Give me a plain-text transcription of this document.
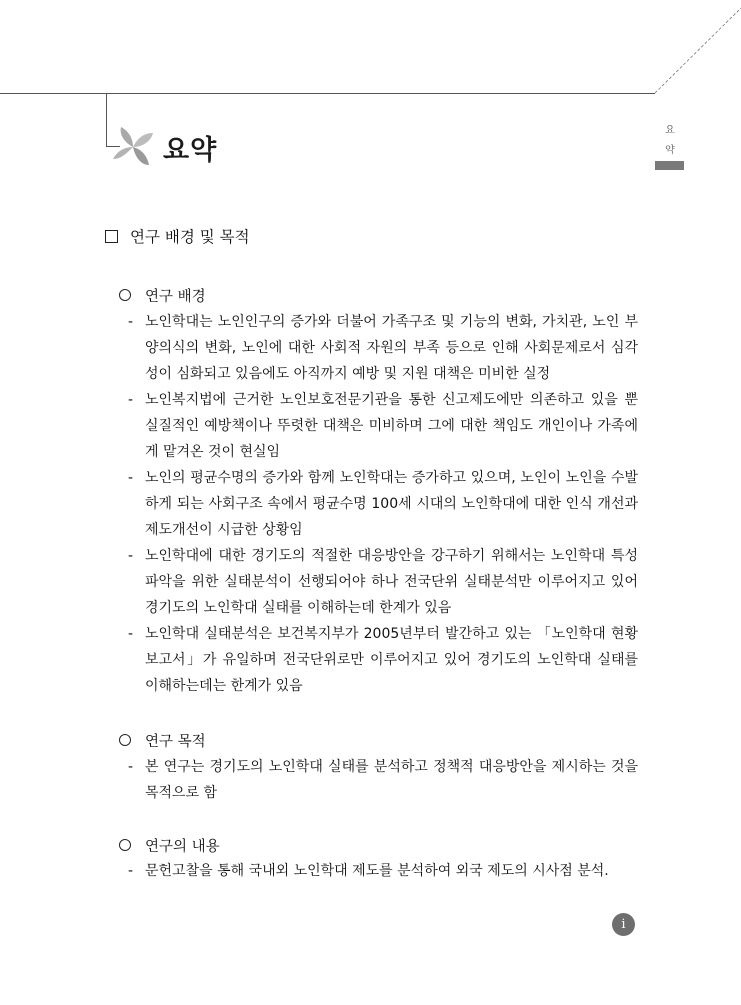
요
약
요약
연구 배경 및 목적
연구 배경
- 노인학대는 노인인구의 증가와 더불어 가족구조 및 기능의 변화, 가치관, 노인 부양의식의 변화, 노인에 대한 사회적 자원의 부족 등으로 인해 사회문제로서 심각성이 심화되고 있음에도 아직까지 예방 및 지원 대책은 미비한 실정
- 노인복지법에 근거한 노인보호전문기관을 통한 신고제도에만 의존하고 있을 뿐 실질적인 예방책이나 뚜렷한 대책은 미비하며 그에 대한 책임도 개인이나 가족에게 맡겨온 것이 현실임
- 노인의 평균수명의 증가와 함께 노인학대는 증가하고 있으며, 노인이 노인을 수발하게 되는 사회구조 속에서 평균수명 100세 시대의 노인학대에 대한 인식 개선과 제도개선이 시급한 상황임
- 노인학대에 대한 경기도의 적절한 대응방안을 강구하기 위해서는 노인학대 특성 파악을 위한 실태분석이 선행되어야 하나 전국단위 실태분석만 이루어지고 있어 경기도의 노인학대 실태를 이해하는데 한계가 있음
- 노인학대 실태분석은 보건복지부가 2005년부터 발간하고 있는 「노인학대 현황보고서」가 유일하며 전국단위로만 이루어지고 있어 경기도의 노인학대 실태를 이해하는데는 한계가 있음
연구 목적
- 본 연구는 경기도의 노인학대 실태를 분석하고 정책적 대응방안을 제시하는 것을 목적으로 함
연구의 내용
- 문헌고찰을 통해 국내외 노인학대 제도를 분석하여 외국 제도의 시사점 분석.
i
